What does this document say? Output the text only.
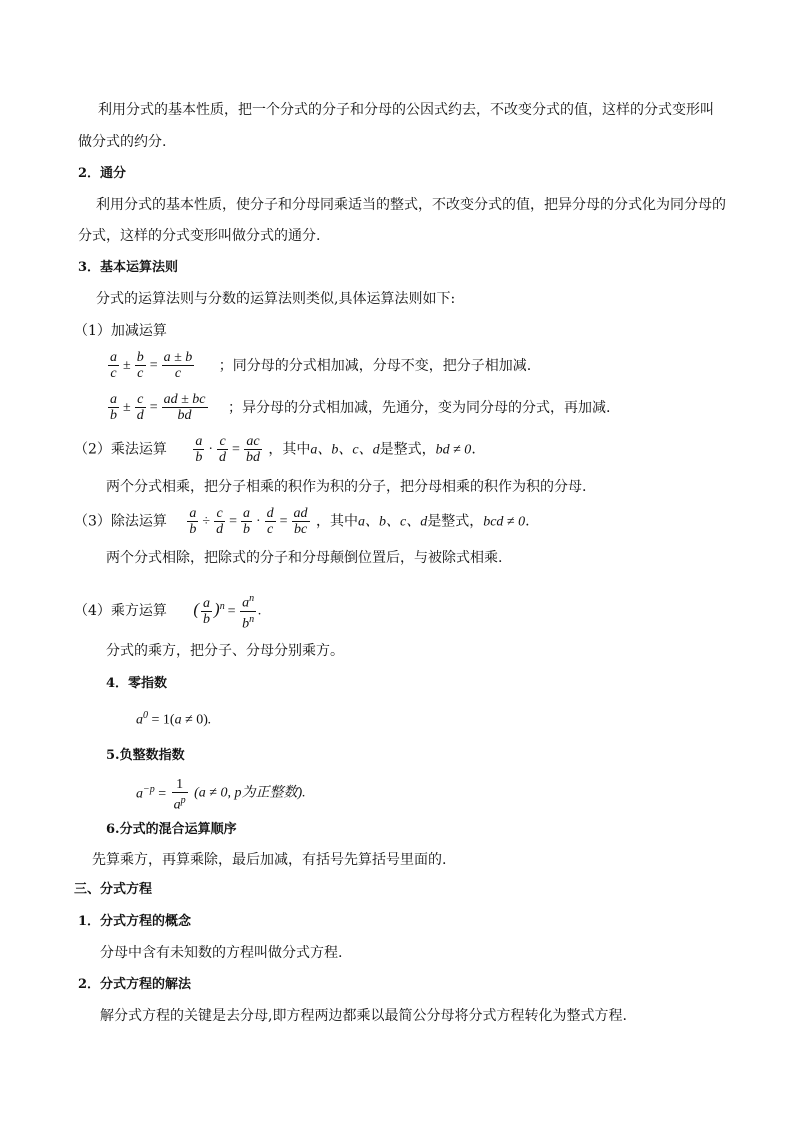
利用分式的基本性质，把一个分式的分子和分母的公因式约去，不改变分式的值，这样的分式变形叫
做分式的约分.
2．通分
利用分式的基本性质，使分子和分母同乘适当的整式，不改变分式的值，把异分母的分式化为同分母的
分式，这样的分式变形叫做分式的通分.
3．基本运算法则
分式的运算法则与分数的运算法则类似,具体运算法则如下:
（1）加减运算
$\frac{a}{c} \pm \frac{b}{c} = \frac{a \pm b}{c}$ ；同分母的分式相加减，分母不变，把分子相加减.
$\frac{a}{b} \pm \frac{c}{d} = \frac{ad \pm bc}{bd}$ ；异分母的分式相加减，先通分，变为同分母的分式，再加减.
（2）乘法运算 $\frac{a}{b} \cdot \frac{c}{d} = \frac{ac}{bd}$ ，其中a、b、c、d是整式，bd ≠ 0.
两个分式相乘，把分子相乘的积作为积的分子，把分母相乘的积作为积的分母.
（3）除法运算 $\frac{a}{b} \div \frac{c}{d} = \frac{a}{b} \cdot \frac{d}{c} = \frac{ad}{bc}$ ，其中a、b、c、d是整式，bcd ≠ 0.
两个分式相除，把除式的分子和分母颠倒位置后，与被除式相乘.
（4）乘方运算 ( $\frac{a}{b} )^n = \frac{a^n}{b^n}$ .
分式的乘方，把分子、分母分别乘方。
4．零指数
$a^0 = 1(a \ne 0)$.
5.负整数指数
$a^{-p} = \frac{1}{a^p} (a \ne 0$, p为正整数).
6.分式的混合运算顺序
先算乘方，再算乘除，最后加减，有括号先算括号里面的.
三、分式方程
1．分式方程的概念
分母中含有未知数的方程叫做分式方程.
2．分式方程的解法
解分式方程的关键是去分母,即方程两边都乘以最简公分母将分式方程转化为整式方程.
